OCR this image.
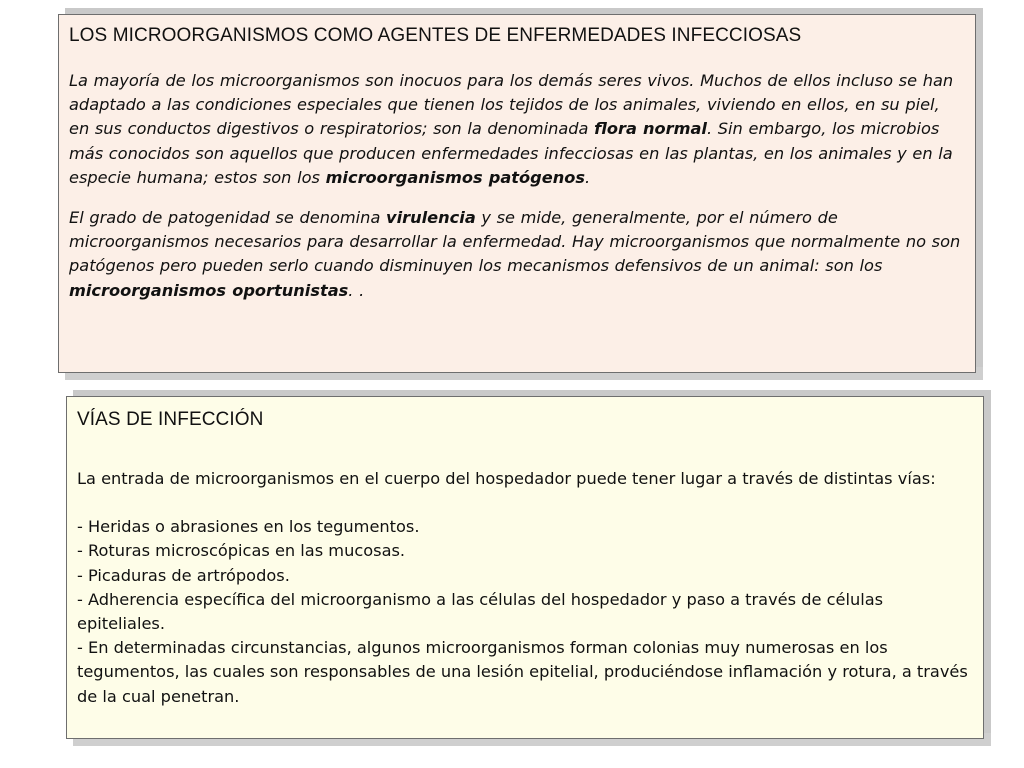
LOS MICROORGANISMOS COMO AGENTES DE ENFERMEDADES INFECCIOSAS

La mayoría de los microorganismos son inocuos para los demás seres vivos. Muchos de ellos incluso se han adaptado a las condiciones especiales que tienen los tejidos de los animales, viviendo en ellos, en su piel, en sus conductos digestivos o respiratorios; son la denominada flora normal. Sin embargo, los microbios más conocidos son aquellos que producen enfermedades infecciosas en las plantas, en los animales y en la especie humana; estos son los microorganismos patógenos.

El grado de patogenidad se denomina virulencia y se mide, generalmente, por el número de microorganismos necesarios para desarrollar la enfermedad. Hay microorganismos que normalmente no son patógenos pero pueden serlo cuando disminuyen los mecanismos defensivos de un animal: son los microorganismos oportunistas. .

VÍAS DE INFECCIÓN

La entrada de microorganismos en el cuerpo del hospedador puede tener lugar a través de distintas vías:

- Heridas o abrasiones en los tegumentos.
- Roturas microscópicas en las mucosas.
- Picaduras de artrópodos.
- Adherencia específica del microorganismo a las células del hospedador y paso a través de células epiteliales.
- En determinadas circunstancias, algunos microorganismos forman colonias muy numerosas en los tegumentos, las cuales son responsables de una lesión epitelial, produciéndose inflamación y rotura, a través de la cual penetran.
